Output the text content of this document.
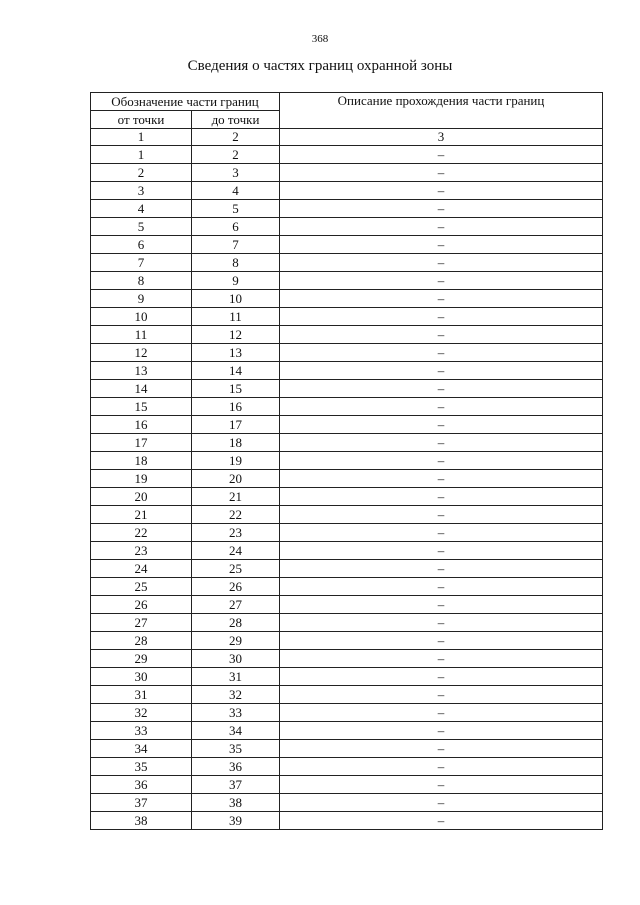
368
Сведения о частях границ охранной зоны
Обозначение части границ		Описание прохождения части границ
от точки	до точки	
1	2	3
1	2	–
2	3	–
3	4	–
4	5	–
5	6	–
6	7	–
7	8	–
8	9	–
9	10	–
10	11	–
11	12	–
12	13	–
13	14	–
14	15	–
15	16	–
16	17	–
17	18	–
18	19	–
19	20	–
20	21	–
21	22	–
22	23	–
23	24	–
24	25	–
25	26	–
26	27	–
27	28	–
28	29	–
29	30	–
30	31	–
31	32	–
32	33	–
33	34	–
34	35	–
35	36	–
36	37	–
37	38	–
38	39	–
